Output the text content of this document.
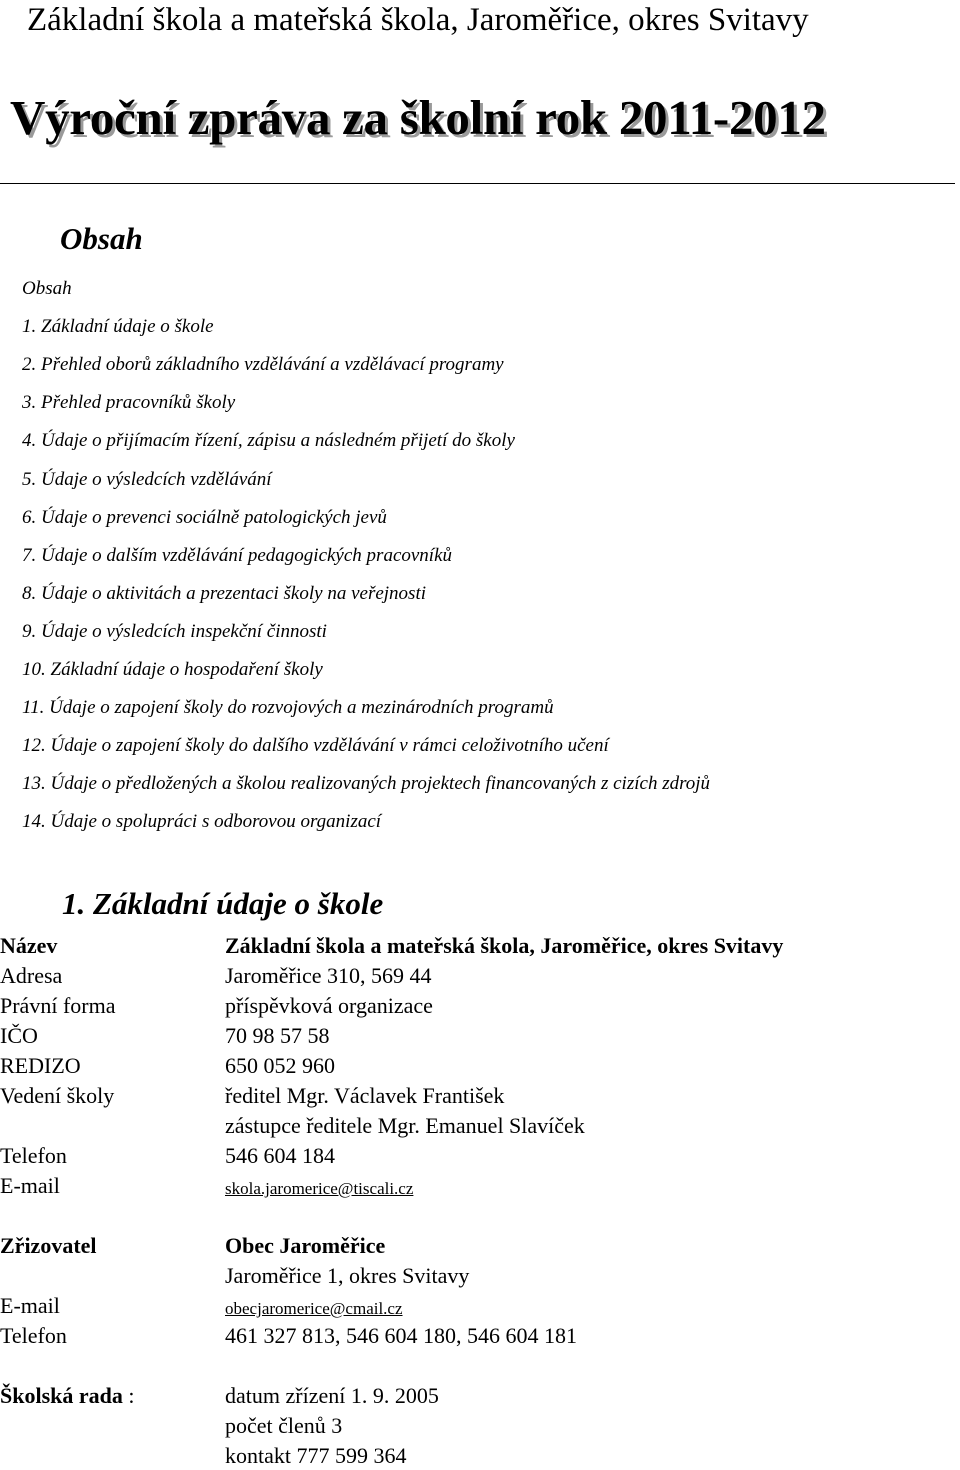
Základní škola a mateřská škola, Jaroměřice, okres Svitavy
Výroční zpráva za školní rok 2011-2012
Obsah
Obsah
1. Základní údaje o škole
2. Přehled oborů základního vzdělávání a vzdělávací programy
3. Přehled pracovníků školy
4. Údaje o přijímacím řízení, zápisu a následném přijetí do školy
5. Údaje o výsledcích vzdělávání
6. Údaje o prevenci sociálně patologických jevů
7. Údaje o dalším vzdělávání pedagogických pracovníků
8. Údaje o aktivitách a prezentaci školy na veřejnosti
9. Údaje o výsledcích inspekční činnosti
10. Základní údaje o hospodaření školy
11. Údaje o zapojení školy do rozvojových a mezinárodních programů
12. Údaje o zapojení školy do dalšího vzdělávání v rámci celoživotního učení
13. Údaje o předložených a školou realizovaných projektech financovaných z cizích zdrojů
14. Údaje o spolupráci s odborovou organizací
1. Základní údaje o škole
Název	Základní škola a mateřská škola, Jaroměřice, okres Svitavy
Adresa	Jaroměřice 310, 569 44
Právní forma	příspěvková organizace
IČO	70 98 57 58
REDIZO	650 052 960
Vedení školy	ředitel Mgr. Václavek František
zástupce ředitele Mgr. Emanuel Slavíček
Telefon	546 604 184
E-mail	skola.jaromerice@tiscali.cz
Zřizovatel	Obec Jaroměřice
Jaroměřice 1, okres Svitavy
E-mail	obecjaromerice@cmail.cz
Telefon	461 327 813, 546 604 180, 546 604 181
Školská rada :	datum zřízení 1. 9. 2005
počet členů 3
kontakt 777 599 364
